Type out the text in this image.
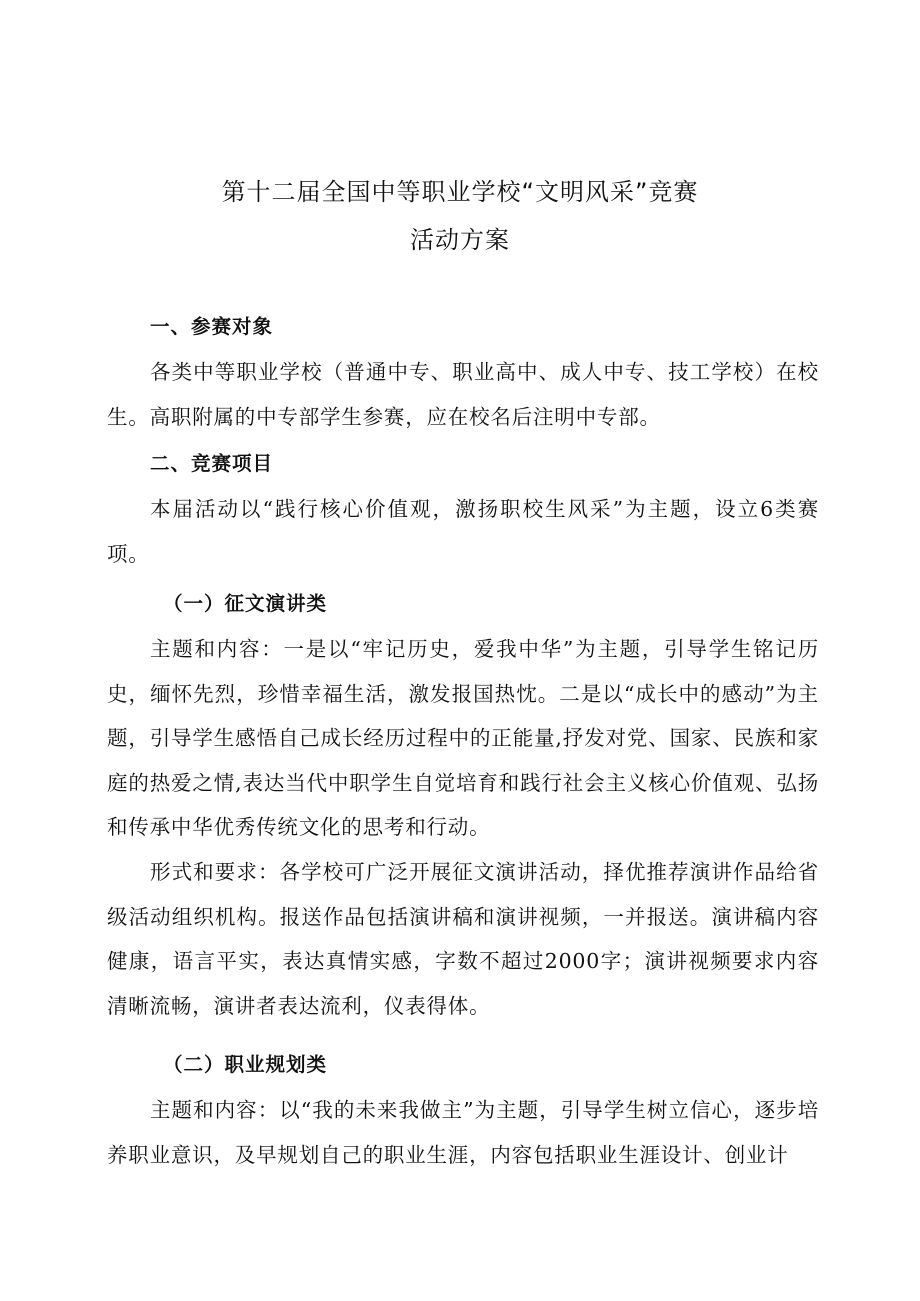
第十二届全国中等职业学校“文明风采”竞赛
活动方案
一、参赛对象
各类中等职业学校（普通中专、职业高中、成人中专、技工学校）在校生。高职附属的中专部学生参赛，应在校名后注明中专部。
二、竞赛项目
本届活动以“践行核心价值观，激扬职校生风采”为主题，设立6类赛项。
（一）征文演讲类
主题和内容：一是以“牢记历史，爱我中华”为主题，引导学生铭记历史，缅怀先烈，珍惜幸福生活，激发报国热忱。二是以“成长中的感动”为主题，引导学生感悟自己成长经历过程中的正能量,抒发对党、国家、民族和家庭的热爱之情,表达当代中职学生自觉培育和践行社会主义核心价值观、弘扬和传承中华优秀传统文化的思考和行动。
形式和要求：各学校可广泛开展征文演讲活动，择优推荐演讲作品给省级活动组织机构。报送作品包括演讲稿和演讲视频，一并报送。演讲稿内容健康，语言平实，表达真情实感，字数不超过2000字；演讲视频要求内容清晰流畅，演讲者表达流利，仪表得体。
（二）职业规划类
主题和内容：以“我的未来我做主”为主题，引导学生树立信心，逐步培养职业意识，及早规划自己的职业生涯，内容包括职业生涯设计、创业计
